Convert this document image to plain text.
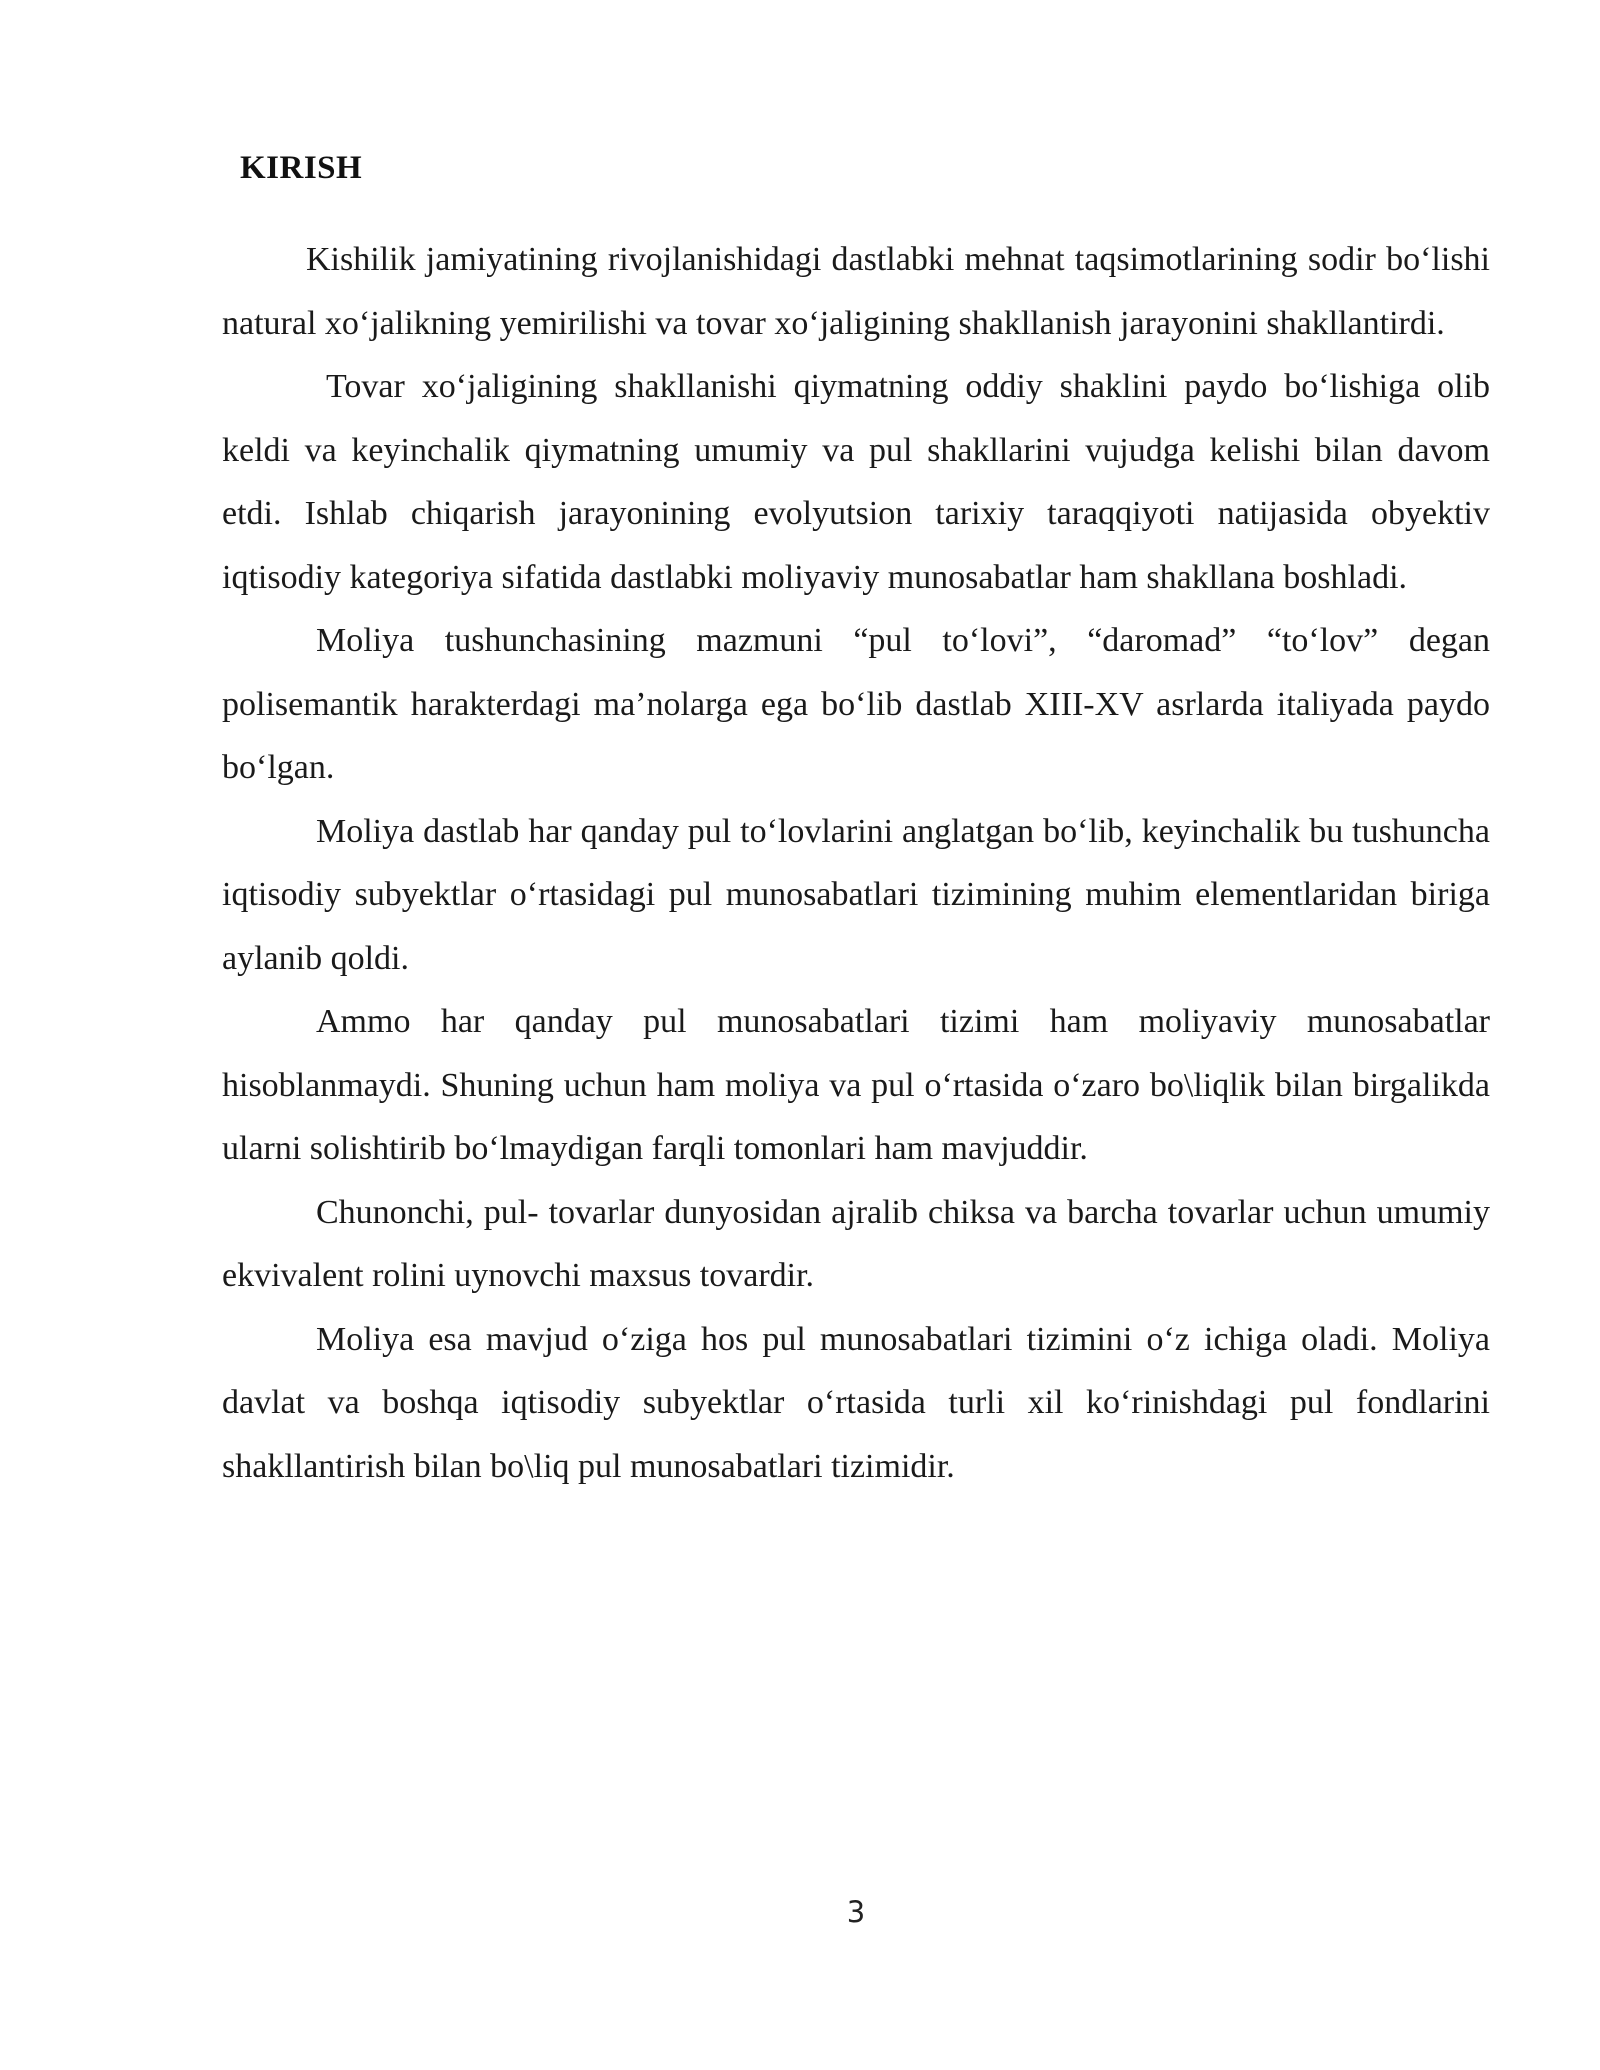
KIRISH

Kishilik jamiyatining rivojlanishidagi dastlabki mehnat taqsimotlarining sodir bo‘lishi natural xo‘jalikning yemirilishi va tovar xo‘jaligining shakllanish jarayonini shakllantirdi.

Tovar xo‘jaligining shakllanishi qiymatning oddiy shaklini paydo bo‘lishiga olib keldi va keyinchalik qiymatning umumiy va pul shakllarini vujudga kelishi bilan davom etdi. Ishlab chiqarish jarayonining evolyutsion tarixiy taraqqiyoti natijasida obyektiv iqtisodiy kategoriya sifatida dastlabki moliyaviy munosabatlar ham shakllana boshladi.

Moliya tushunchasining mazmuni “pul to‘lovi”, “daromad” “to‘lov” degan polisemantik harakterdagi ma’nolarga ega bo‘lib dastlab XIII-XV asrlarda italiyada paydo bo‘lgan.

Moliya dastlab har qanday pul to‘lovlarini anglatgan bo‘lib, keyinchalik bu tushuncha iqtisodiy subyektlar o‘rtasidagi pul munosabatlari tizimining muhim elementlaridan biriga aylanib qoldi.

Ammo har qanday pul munosabatlari tizimi ham moliyaviy munosabatlar hisoblanmaydi. Shuning uchun ham moliya va pul o‘rtasida o‘zaro bo\liqlik bilan birgalikda ularni solishtirib bo‘lmaydigan farqli tomonlari ham mavjuddir.

Chunonchi, pul- tovarlar dunyosidan ajralib chiksa va barcha tovarlar uchun umumiy ekvivalent rolini uynovchi maxsus tovardir.

Moliya esa mavjud o‘ziga hos pul munosabatlari tizimini o‘z ichiga oladi. Moliya davlat va boshqa iqtisodiy subyektlar o‘rtasida turli xil ko‘rinishdagi pul fondlarini shakllantirish bilan bo\liq pul munosabatlari tizimidir.

3
